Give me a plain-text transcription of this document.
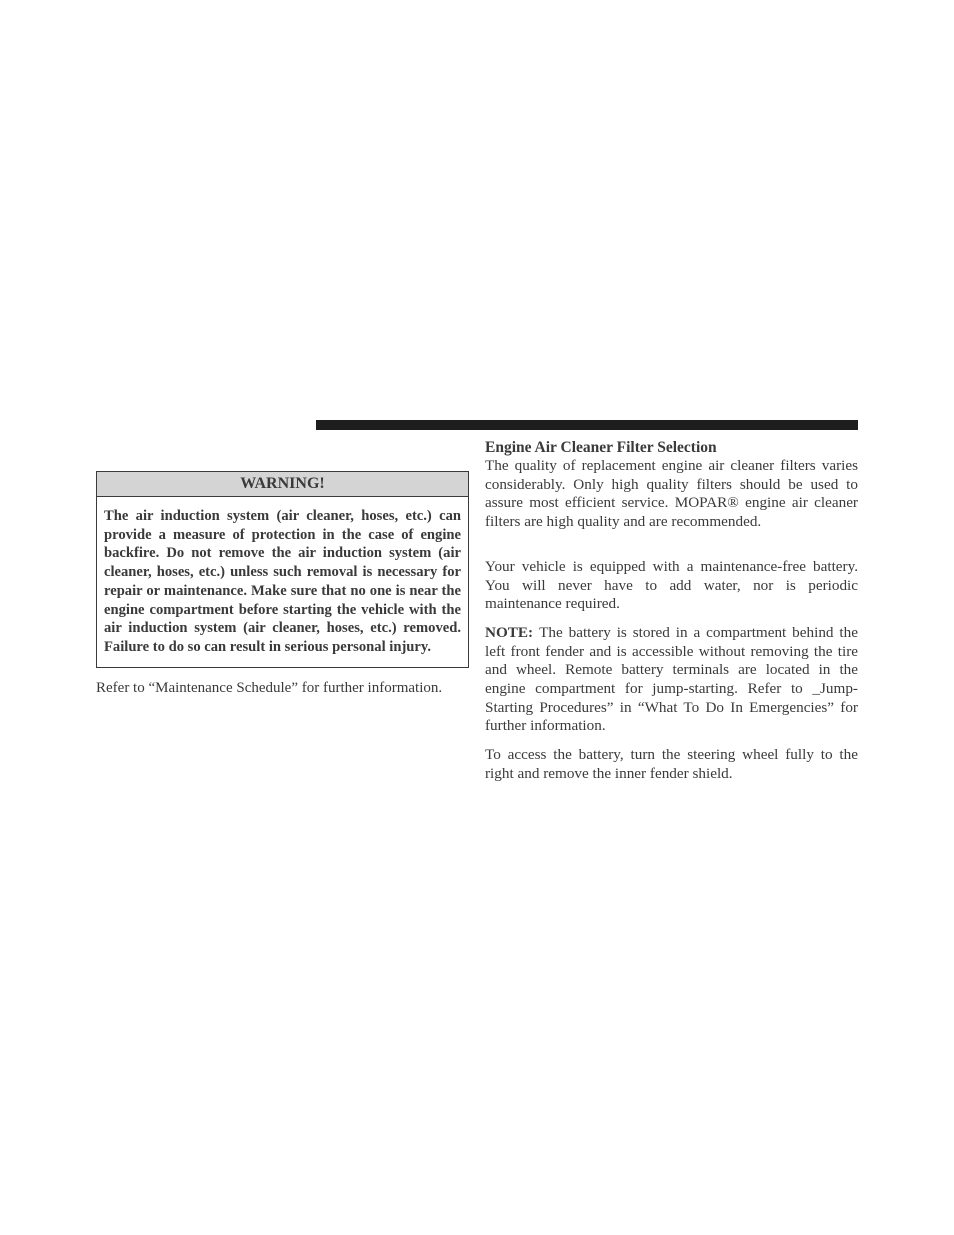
WARNING!
The air induction system (air cleaner, hoses, etc.) can provide a measure of protection in the case of engine backfire. Do not remove the air induction system (air cleaner, hoses, etc.) unless such removal is necessary for repair or maintenance. Make sure that no one is near the engine compartment before starting the vehicle with the air induction system (air cleaner, hoses, etc.) removed. Failure to do so can result in serious personal injury.
Refer to “Maintenance Schedule” for further information.
Engine Air Cleaner Filter Selection

The quality of replacement engine air cleaner filters varies considerably. Only high quality filters should be used to assure most efficient service. MOPAR® engine air cleaner filters are high quality and are recommended.

Your vehicle is equipped with a maintenance-free battery. You will never have to add water, nor is periodic maintenance required.

NOTE: The battery is stored in a compartment behind the left front fender and is accessible without removing the tire and wheel. Remote battery terminals are located in the engine compartment for jump-starting. Refer to _Jump-Starting Procedures” in “What To Do In Emergencies” for further information.

To access the battery, turn the steering wheel fully to the right and remove the inner fender shield.
